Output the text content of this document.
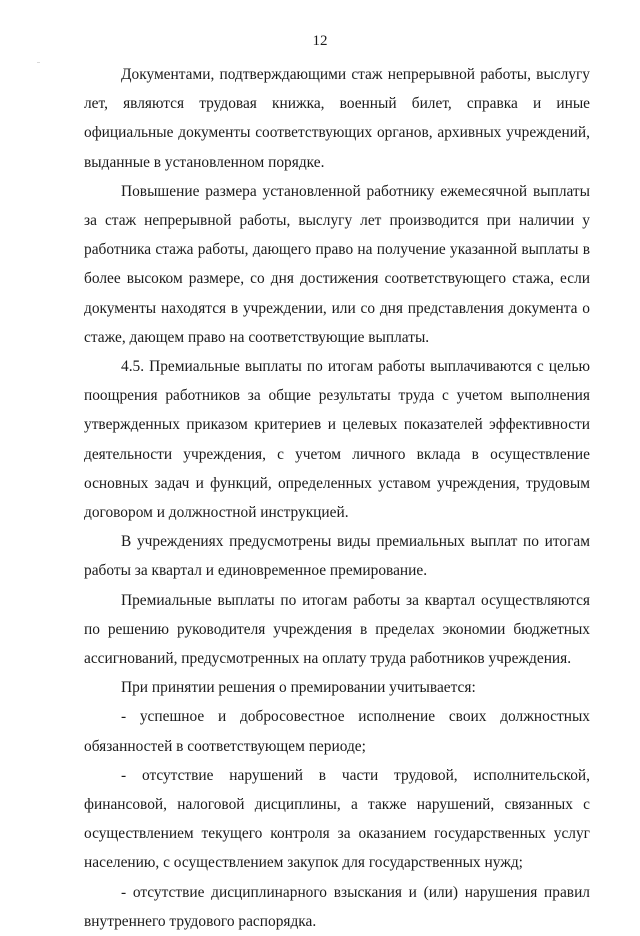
12

Документами, подтверждающими стаж непрерывной работы, выслугу лет, являются трудовая книжка, военный билет, справка и иные официальные документы соответствующих органов, архивных учреждений, выданные в установленном порядке.

Повышение размера установленной работнику ежемесячной выплаты за стаж непрерывной работы, выслугу лет производится при наличии у работника стажа работы, дающего право на получение указанной выплаты в более высоком размере, со дня достижения соответствующего стажа, если документы находятся в учреждении, или со дня представления документа о стаже, дающем право на соответствующие выплаты.

4.5. Премиальные выплаты по итогам работы выплачиваются с целью поощрения работников за общие результаты труда с учетом выполнения утвержденных приказом критериев и целевых показателей эффективности деятельности учреждения, с учетом личного вклада в осуществление основных задач и функций, определенных уставом учреждения, трудовым договором и должностной инструкцией.

В учреждениях предусмотрены виды премиальных выплат по итогам работы за квартал и единовременное премирование.

Премиальные выплаты по итогам работы за квартал осуществляются по решению руководителя учреждения в пределах экономии бюджетных ассигнований, предусмотренных на оплату труда работников учреждения.

При принятии решения о премировании учитывается:

- успешное и добросовестное исполнение своих должностных обязанностей в соответствующем периоде;

- отсутствие нарушений в части трудовой, исполнительской, финансовой, налоговой дисциплины, а также нарушений, связанных с осуществлением текущего контроля за оказанием государственных услуг населению, с осуществлением закупок для государственных нужд;

- отсутствие дисциплинарного взыскания и (или) нарушения правил внутреннего трудового распорядка.
